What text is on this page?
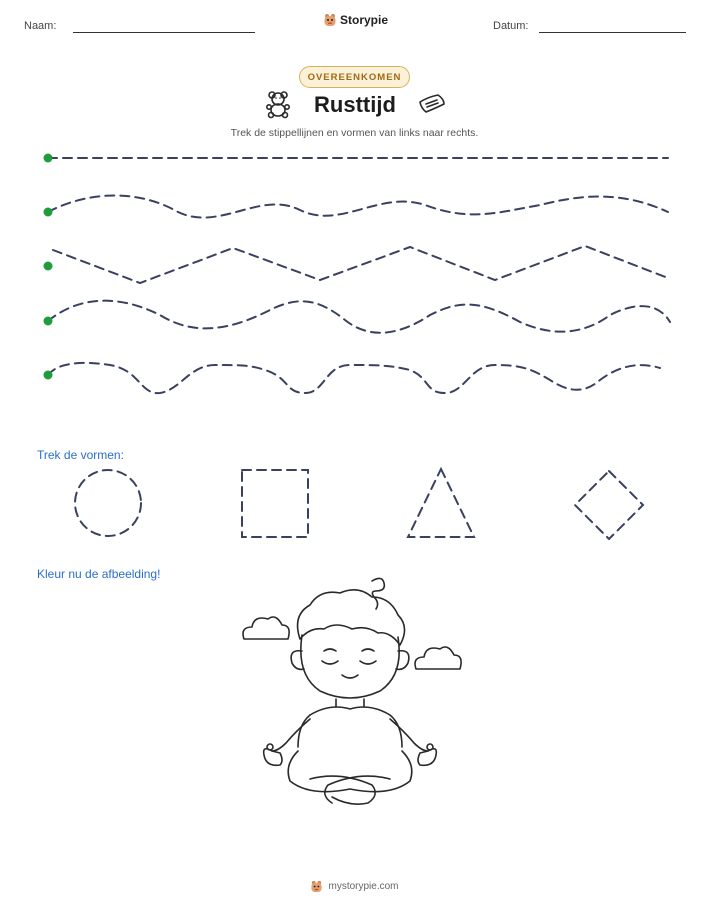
Naam:	Storypie	Datum:
OVEREENKOMEN
Rusttijd
Trek de stippellijnen en vormen van links naar rechts.
Trek de vormen:
Kleur nu de afbeelding!
mystorypie.com
